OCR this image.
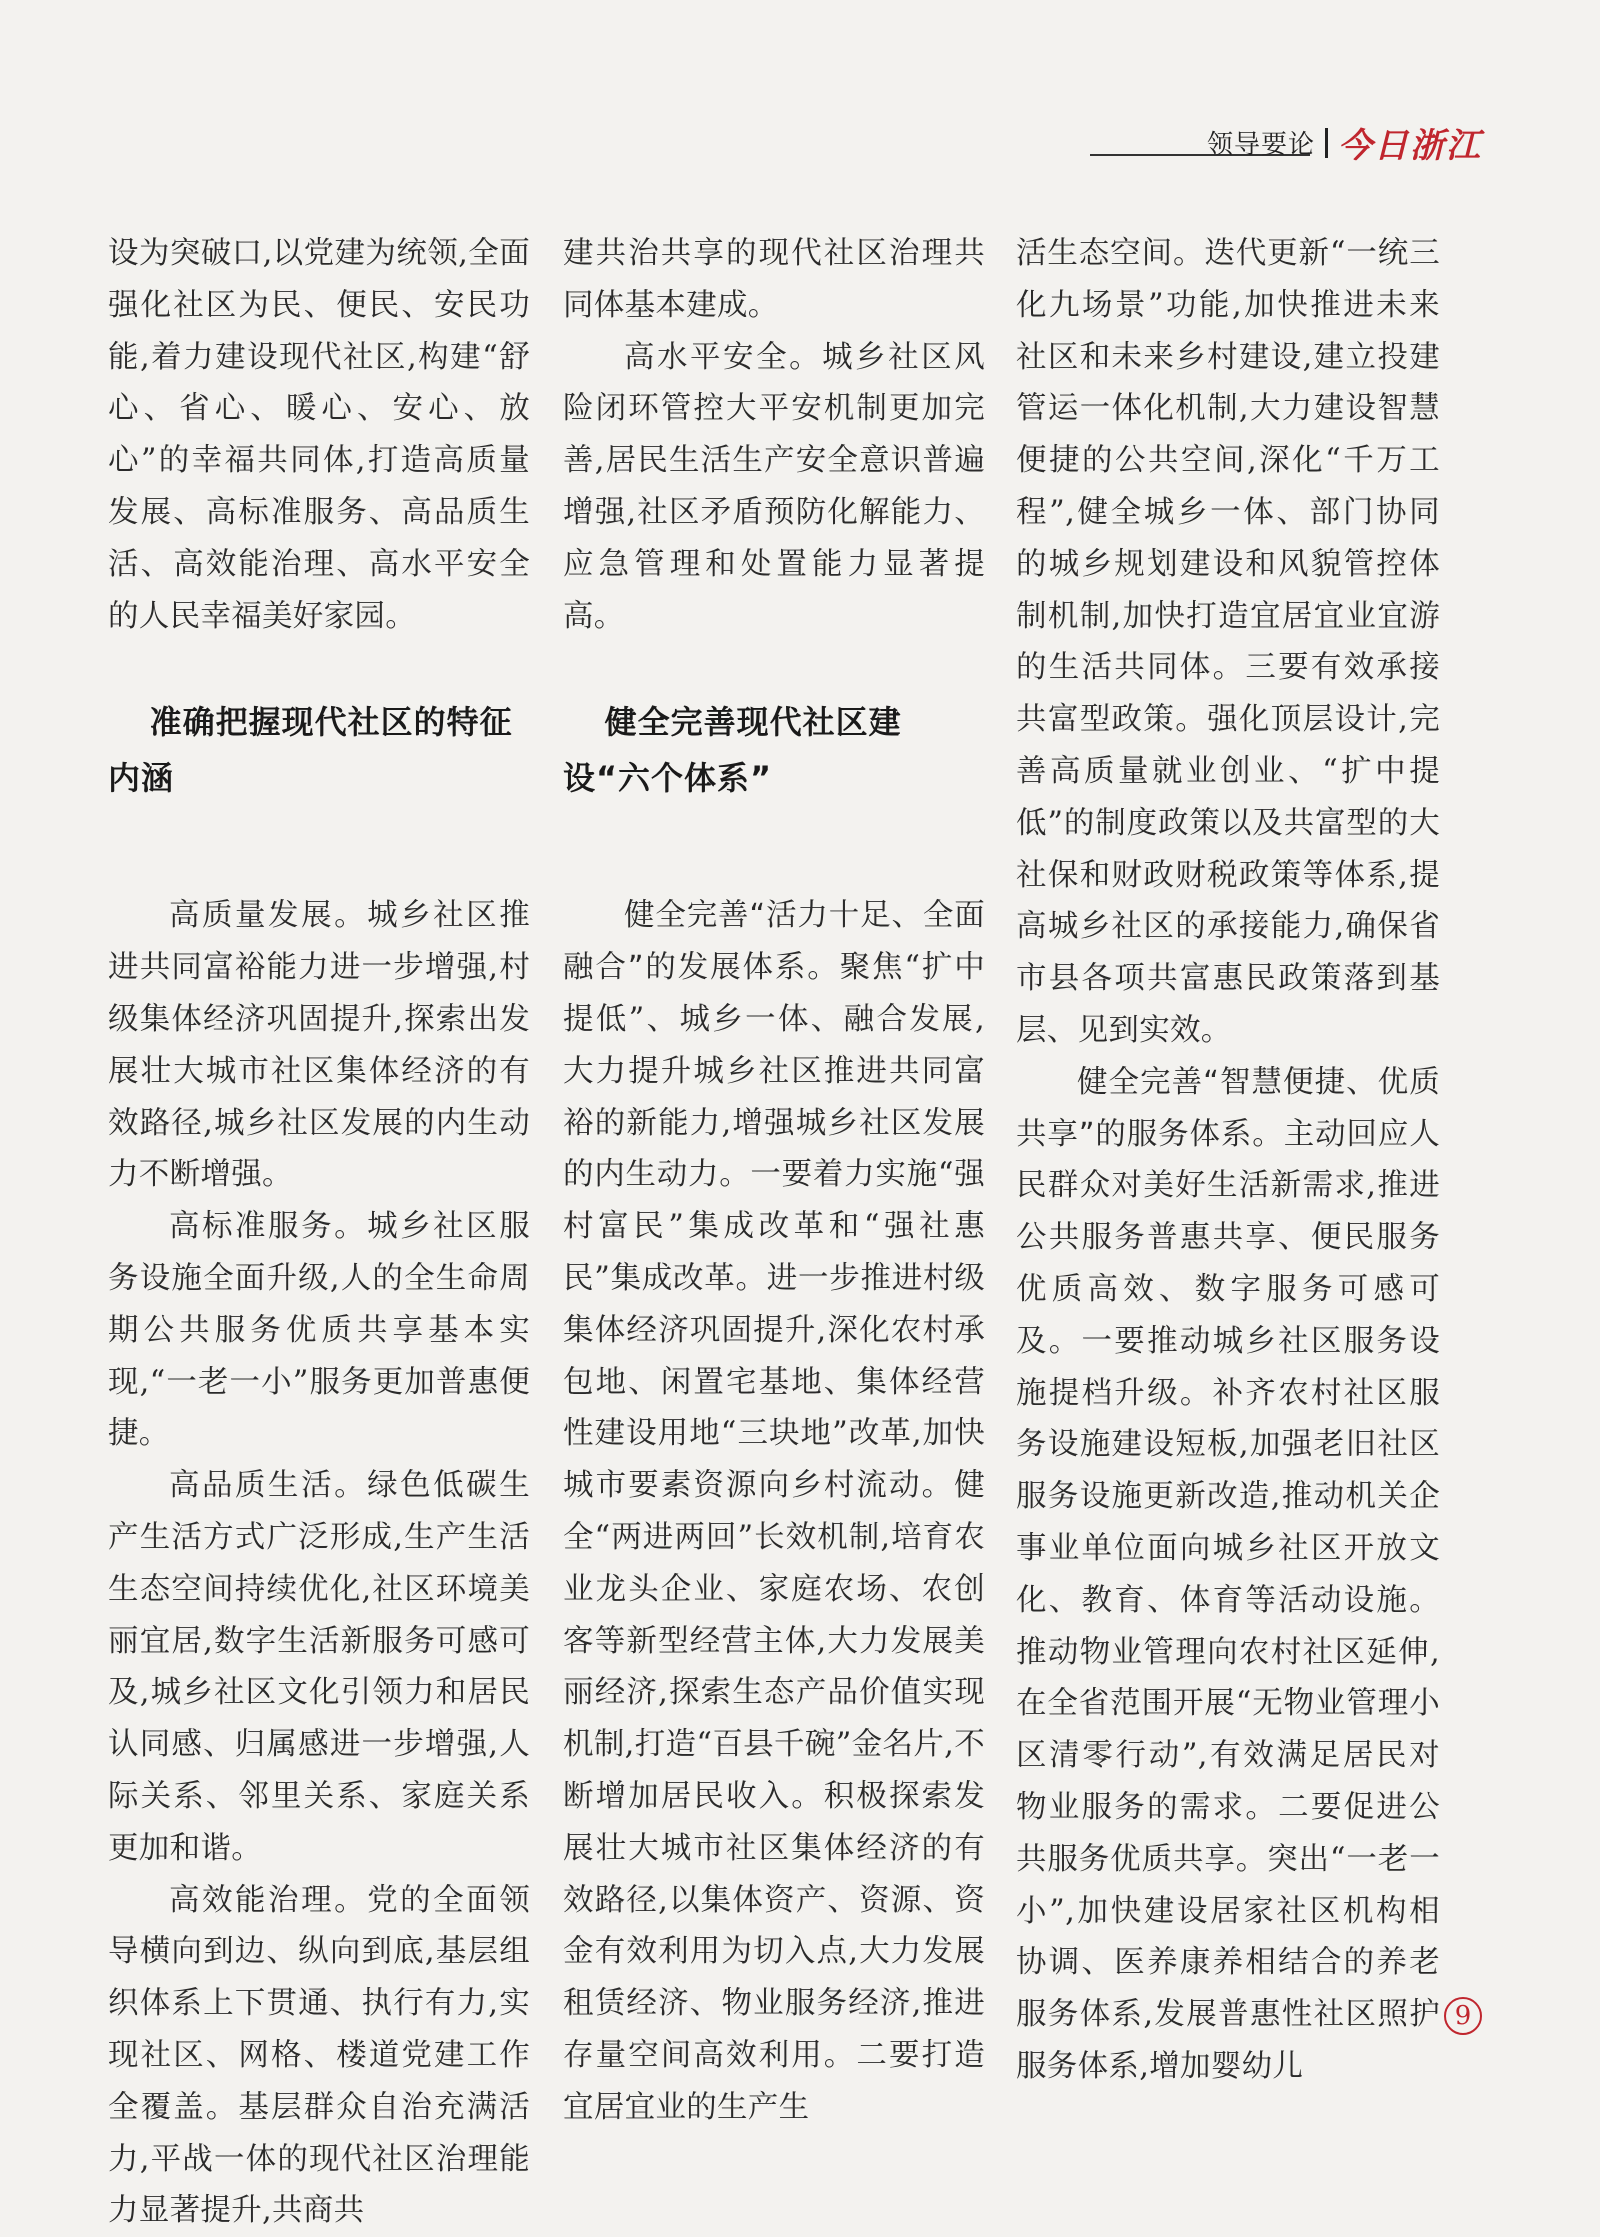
领导要论 今日浙江

设为突破口,以党建为统领,全面强化社区为民、便民、安民功能,着力建设现代社区,构建“舒心、省心、暖心、安心、放心”的幸福共同体,打造高质量发展、高标准服务、高品质生活、高效能治理、高水平安全的人民幸福美好家园。

准确把握现代社区的特征内涵

高质量发展。城乡社区推进共同富裕能力进一步增强,村级集体经济巩固提升,探索出发展壮大城市社区集体经济的有效路径,城乡社区发展的内生动力不断增强。

高标准服务。城乡社区服务设施全面升级,人的全生命周期公共服务优质共享基本实现,“一老一小”服务更加普惠便捷。

高品质生活。绿色低碳生产生活方式广泛形成,生产生活生态空间持续优化,社区环境美丽宜居,数字生活新服务可感可及,城乡社区文化引领力和居民认同感、归属感进一步增强,人际关系、邻里关系、家庭关系更加和谐。

高效能治理。党的全面领导横向到边、纵向到底,基层组织体系上下贯通、执行有力,实现社区、网格、楼道党建工作全覆盖。基层群众自治充满活力,平战一体的现代社区治理能力显著提升,共商共

建共治共享的现代社区治理共同体基本建成。

高水平安全。城乡社区风险闭环管控大平安机制更加完善,居民生活生产安全意识普遍增强,社区矛盾预防化解能力、应急管理和处置能力显著提高。

健全完善现代社区建设“六个体系”

健全完善“活力十足、全面融合”的发展体系。聚焦“扩中提低”、城乡一体、融合发展,大力提升城乡社区推进共同富裕的新能力,增强城乡社区发展的内生动力。一要着力实施“强村富民”集成改革和“强社惠民”集成改革。进一步推进村级集体经济巩固提升,深化农村承包地、闲置宅基地、集体经营性建设用地“三块地”改革,加快城市要素资源向乡村流动。健全“两进两回”长效机制,培育农业龙头企业、家庭农场、农创客等新型经营主体,大力发展美丽经济,探索生态产品价值实现机制,打造“百县千碗”金名片,不断增加居民收入。积极探索发展壮大城市社区集体经济的有效路径,以集体资产、资源、资金有效利用为切入点,大力发展租赁经济、物业服务经济,推进存量空间高效利用。二要打造宜居宜业的生产生

活生态空间。迭代更新“一统三化九场景”功能,加快推进未来社区和未来乡村建设,建立投建管运一体化机制,大力建设智慧便捷的公共空间,深化“千万工程”,健全城乡一体、部门协同的城乡规划建设和风貌管控体制机制,加快打造宜居宜业宜游的生活共同体。三要有效承接共富型政策。强化顶层设计,完善高质量就业创业、“扩中提低”的制度政策以及共富型的大社保和财政财税政策等体系,提高城乡社区的承接能力,确保省市县各项共富惠民政策落到基层、见到实效。

健全完善“智慧便捷、优质共享”的服务体系。主动回应人民群众对美好生活新需求,推进公共服务普惠共享、便民服务优质高效、数字服务可感可及。一要推动城乡社区服务设施提档升级。补齐农村社区服务设施建设短板,加强老旧社区服务设施更新改造,推动机关企事业单位面向城乡社区开放文化、教育、体育等活动设施。推动物业管理向农村社区延伸,在全省范围开展“无物业管理小区清零行动”,有效满足居民对物业服务的需求。二要促进公共服务优质共享。突出“一老一小”,加快建设居家社区机构相协调、医养康养相结合的养老服务体系,发展普惠性社区照护服务体系,增加婴幼儿

9
